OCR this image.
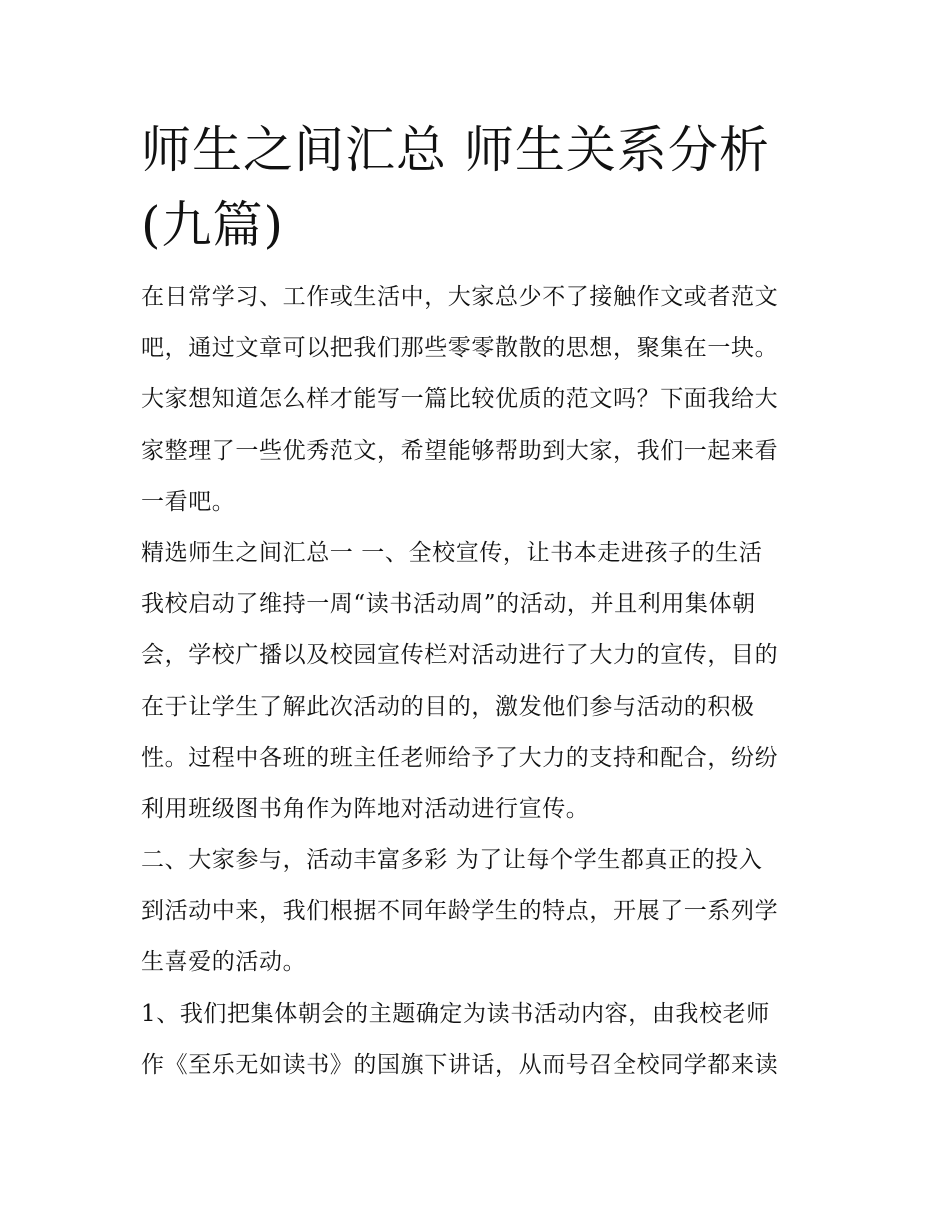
师生之间汇总 师生关系分析
(九篇)
在日常学习、工作或生活中，大家总少不了接触作文或者范文
吧，通过文章可以把我们那些零零散散的思想，聚集在一块。
大家想知道怎么样才能写一篇比较优质的范文吗？下面我给大
家整理了一些优秀范文，希望能够帮助到大家，我们一起来看
一看吧。
精选师生之间汇总一 一、全校宣传，让书本走进孩子的生活
我校启动了维持一周“读书活动周”的活动，并且利用集体朝
会，学校广播以及校园宣传栏对活动进行了大力的宣传，目的
在于让学生了解此次活动的目的，激发他们参与活动的积极
性。过程中各班的班主任老师给予了大力的支持和配合，纷纷
利用班级图书角作为阵地对活动进行宣传。
二、大家参与，活动丰富多彩 为了让每个学生都真正的投入
到活动中来，我们根据不同年龄学生的特点，开展了一系列学
生喜爱的活动。
1、我们把集体朝会的主题确定为读书活动内容，由我校老师
作《至乐无如读书》的国旗下讲话，从而号召全校同学都来读
